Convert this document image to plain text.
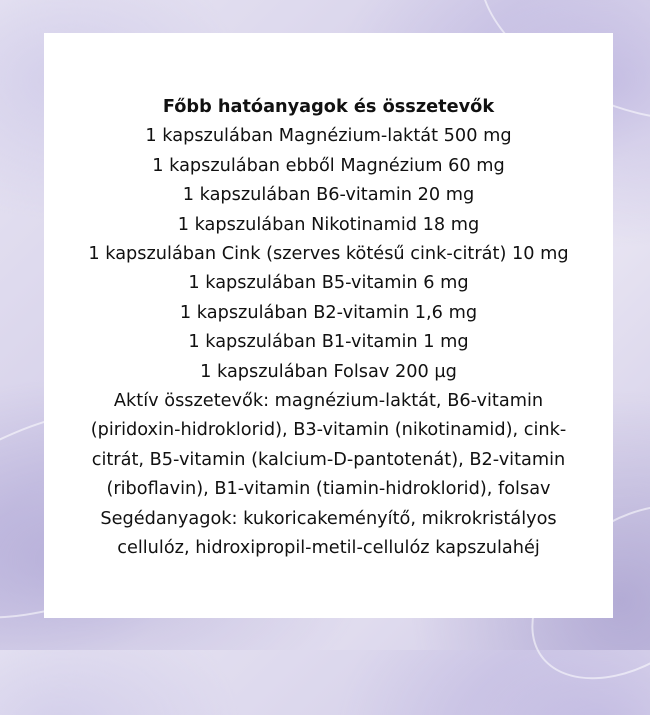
Főbb hatóanyagok és összetevők
1 kapszulában Magnézium-laktát 500 mg
1 kapszulában ebből Magnézium 60 mg
1 kapszulában B6-vitamin 20 mg
1 kapszulában Nikotinamid 18 mg
1 kapszulában Cink (szerves kötésű cink-citrát) 10 mg
1 kapszulában B5-vitamin 6 mg
1 kapszulában B2-vitamin 1,6 mg
1 kapszulában B1-vitamin 1 mg
1 kapszulában Folsav 200 µg
Aktív összetevők: magnézium-laktát, B6-vitamin
(piridoxin-hidroklorid), B3-vitamin (nikotinamid), cink-
citrát, B5-vitamin (kalcium-D-pantotenát), B2-vitamin
(riboflavin), B1-vitamin (tiamin-hidroklorid), folsav
Segédanyagok: kukoricakeményítő, mikrokristályos
cellulóz, hidroxipropil-metil-cellulóz kapszulahéj
